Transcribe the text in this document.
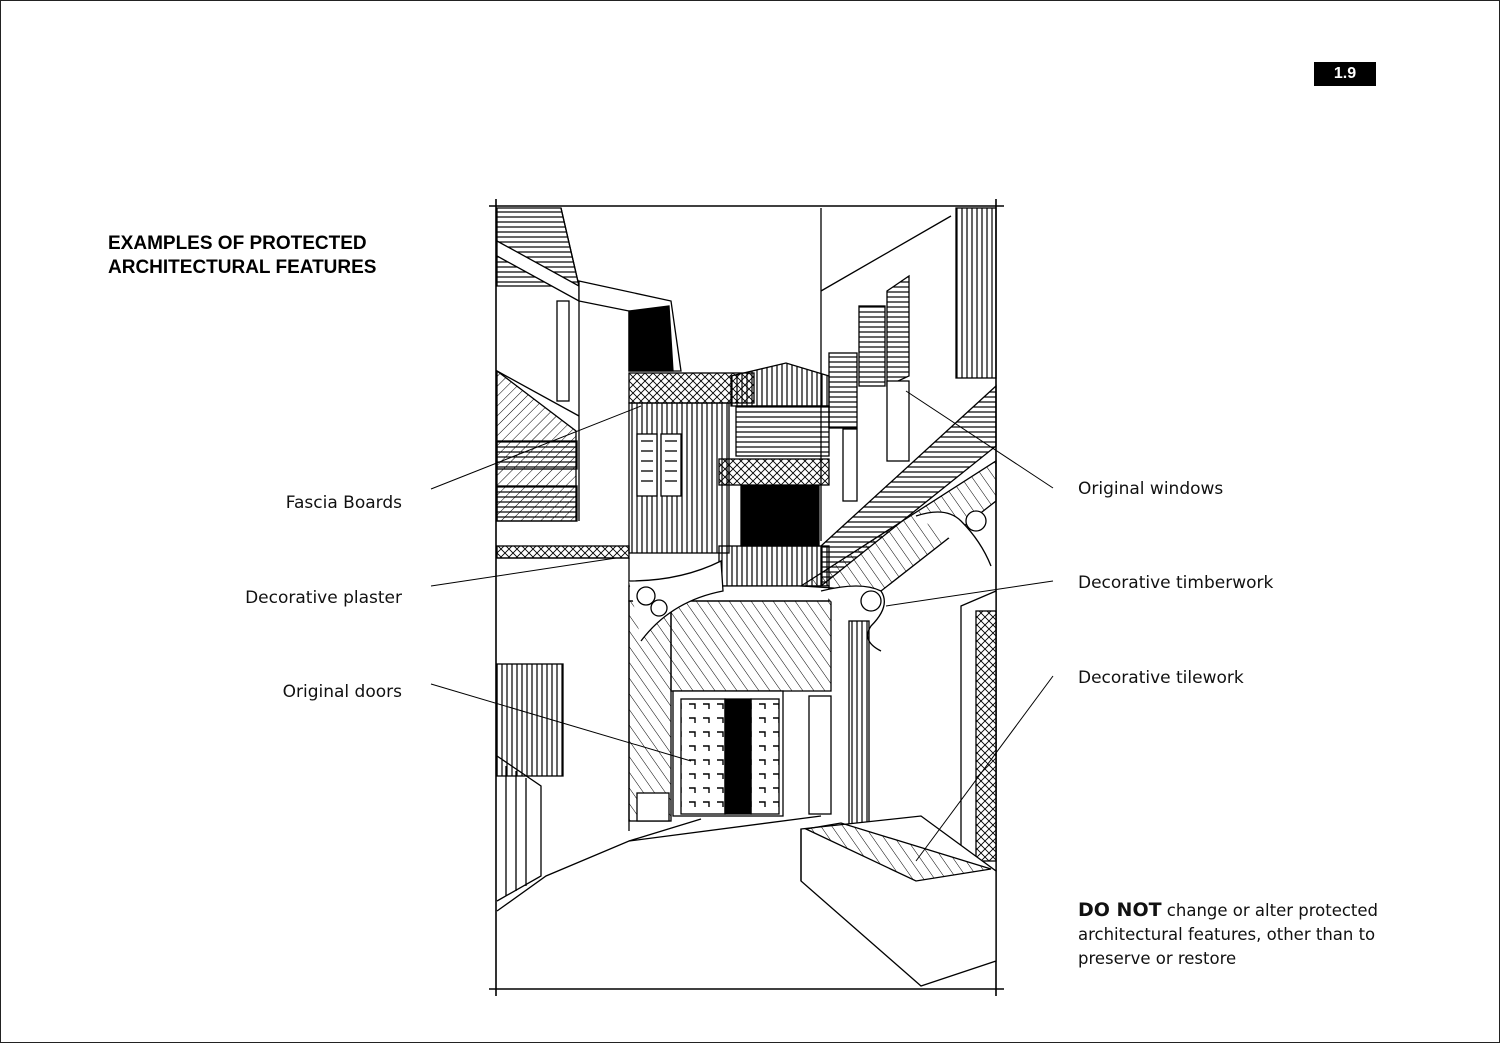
1.9
EXAMPLES OF PROTECTED
ARCHITECTURAL FEATURES
Fascia Boards
Decorative plaster
Original doors
Original windows
Decorative timberwork
Decorative tilework
DO NOT change or alter protected architectural features, other than to preserve or restore
